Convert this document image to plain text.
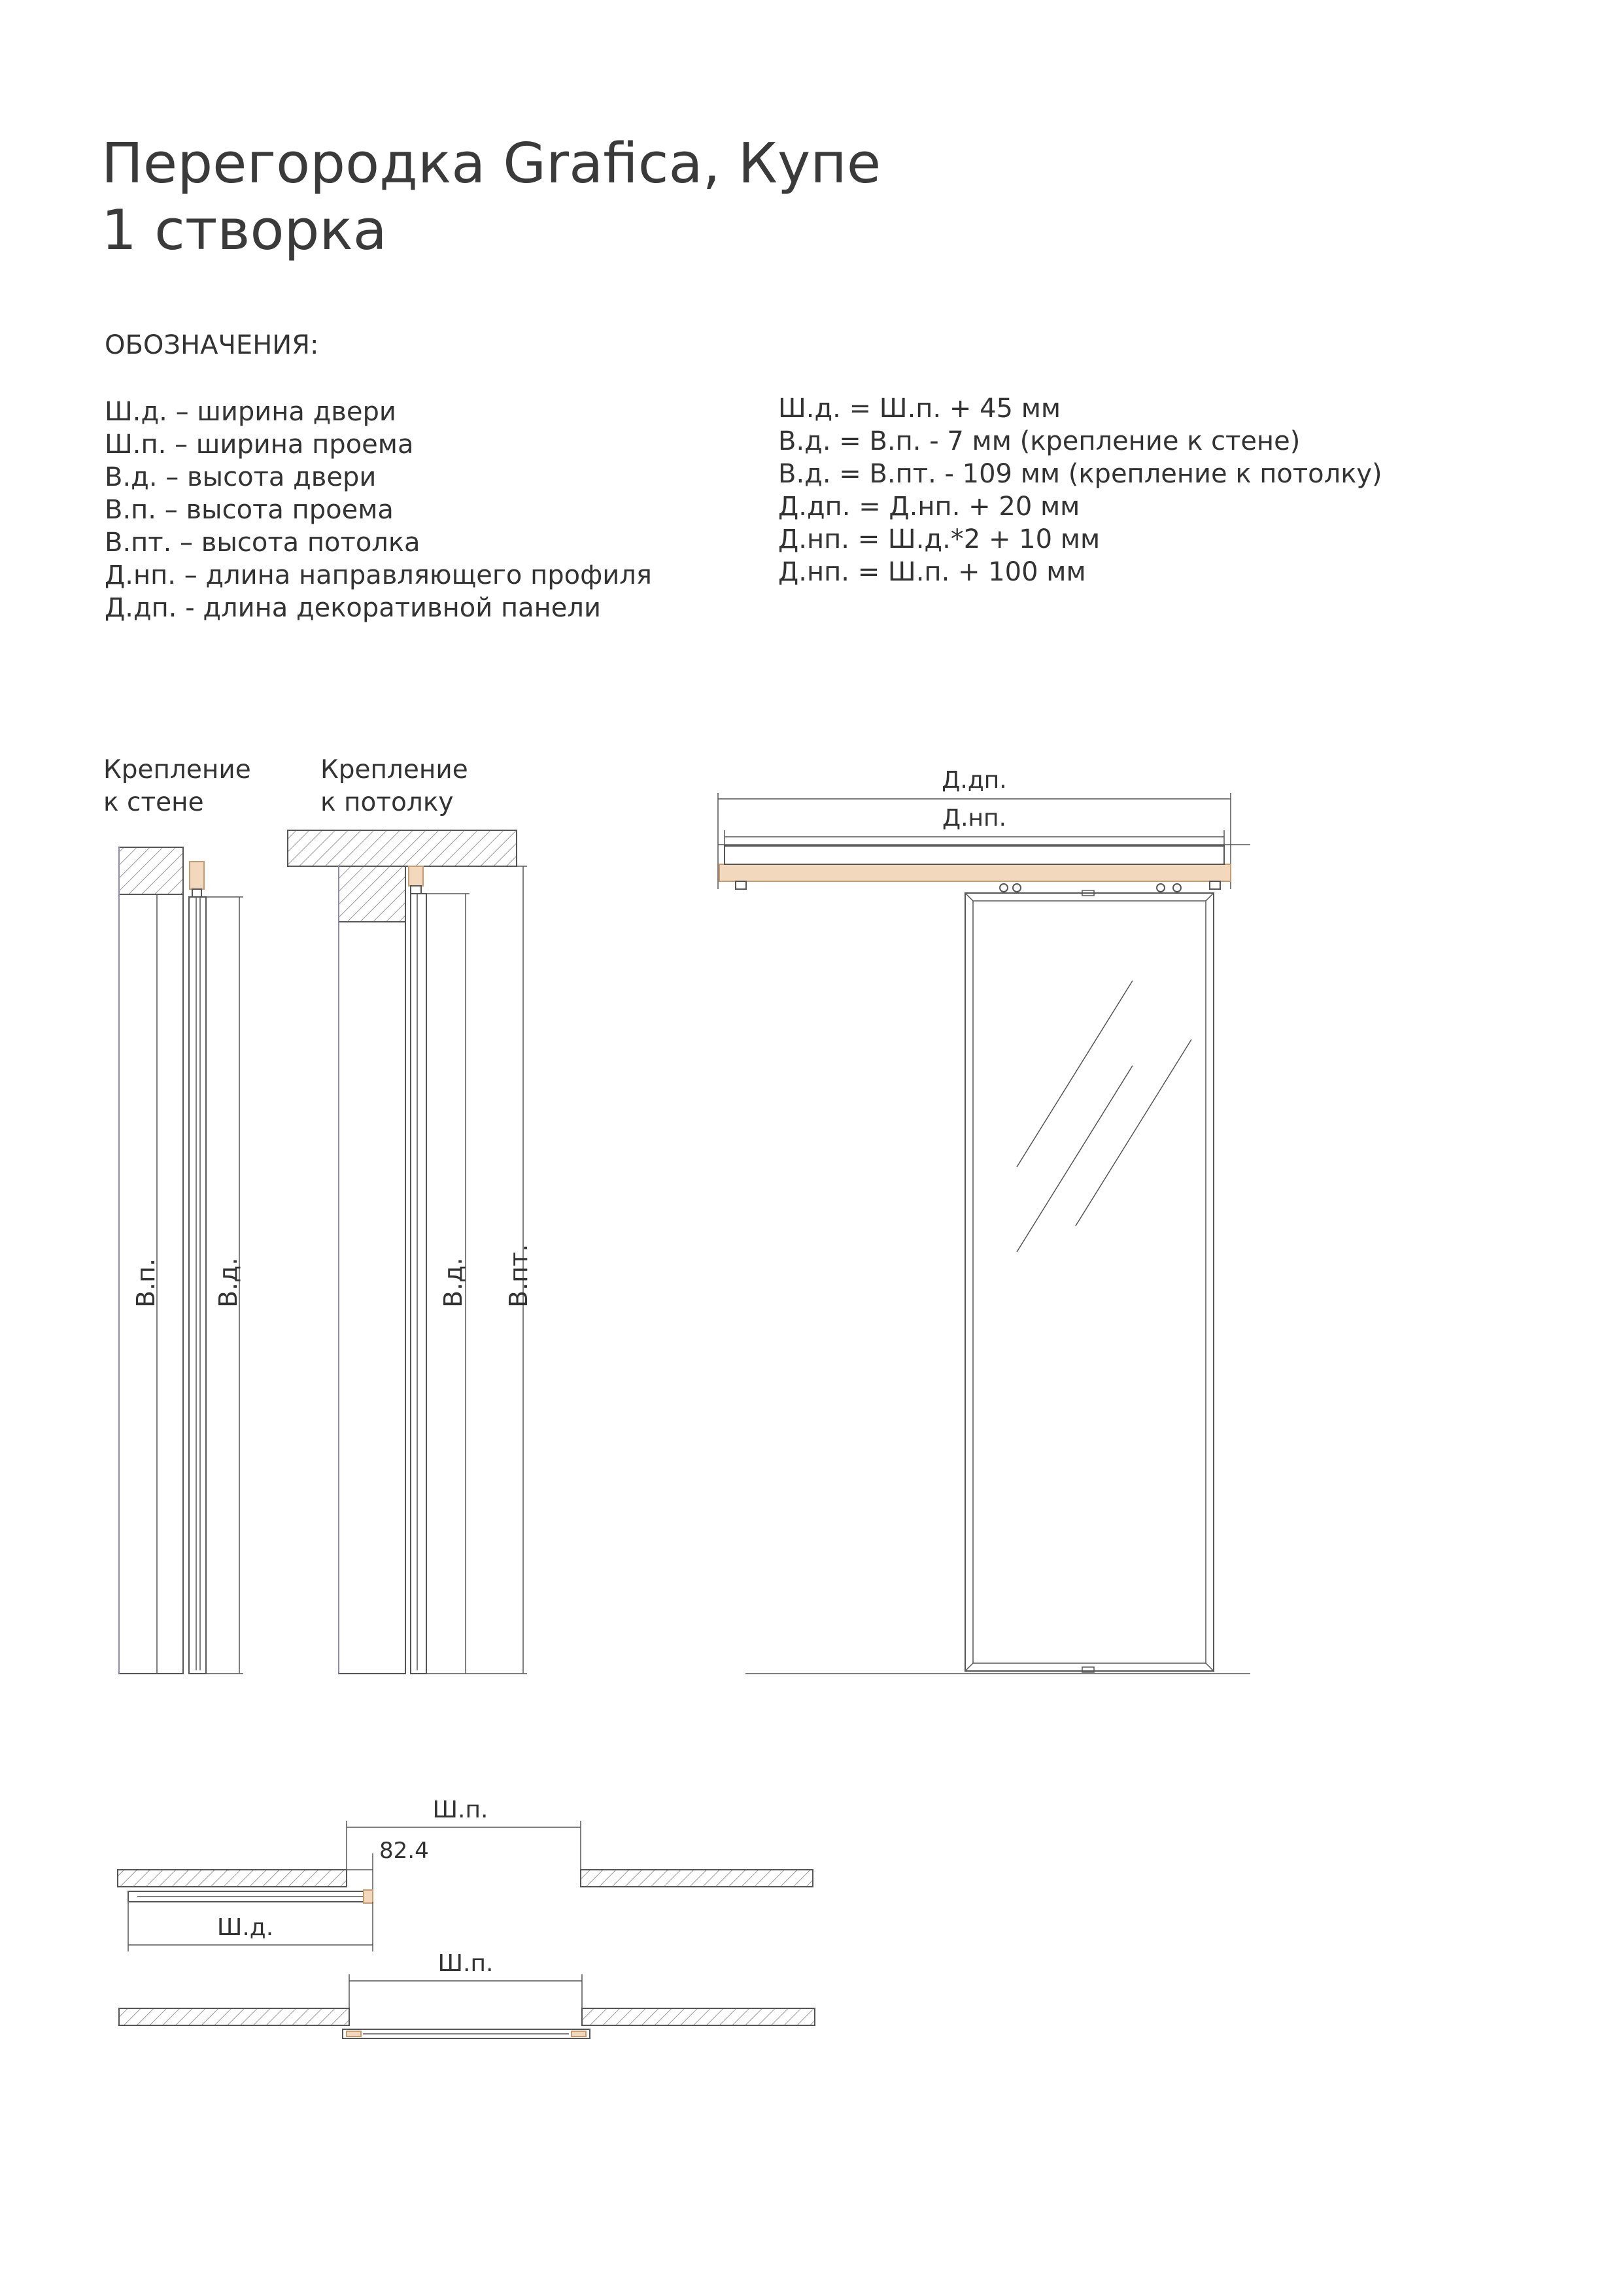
Перегородка Grafica, Купе
1 створка

ОБОЗНАЧЕНИЯ:

Ш.д. – ширина двери
Ш.п. – ширина проема
В.д. – высота двери
В.п. – высота проема
В.пт. – высота потолка
Д.нп. – длина направляющего профиля
Д.дп. - длина декоративной панели
Ш.д. = Ш.п. + 45 мм
В.д. = В.п. - 7 мм (крепление к стене)
В.д. = В.пт. - 109 мм (крепление к потолку)
Д.дп. = Д.нп. + 20 мм
Д.нп. = Ш.д.*2 + 10 мм
Д.нп. = Ш.п. + 100 мм
Крепление
к стене
В.п. В.д.
Крепление
к потолку
В.д. В.пт.
Д.дп.
Д.нп.
Ш.п.
82.4
Ш.д.
Ш.п.
